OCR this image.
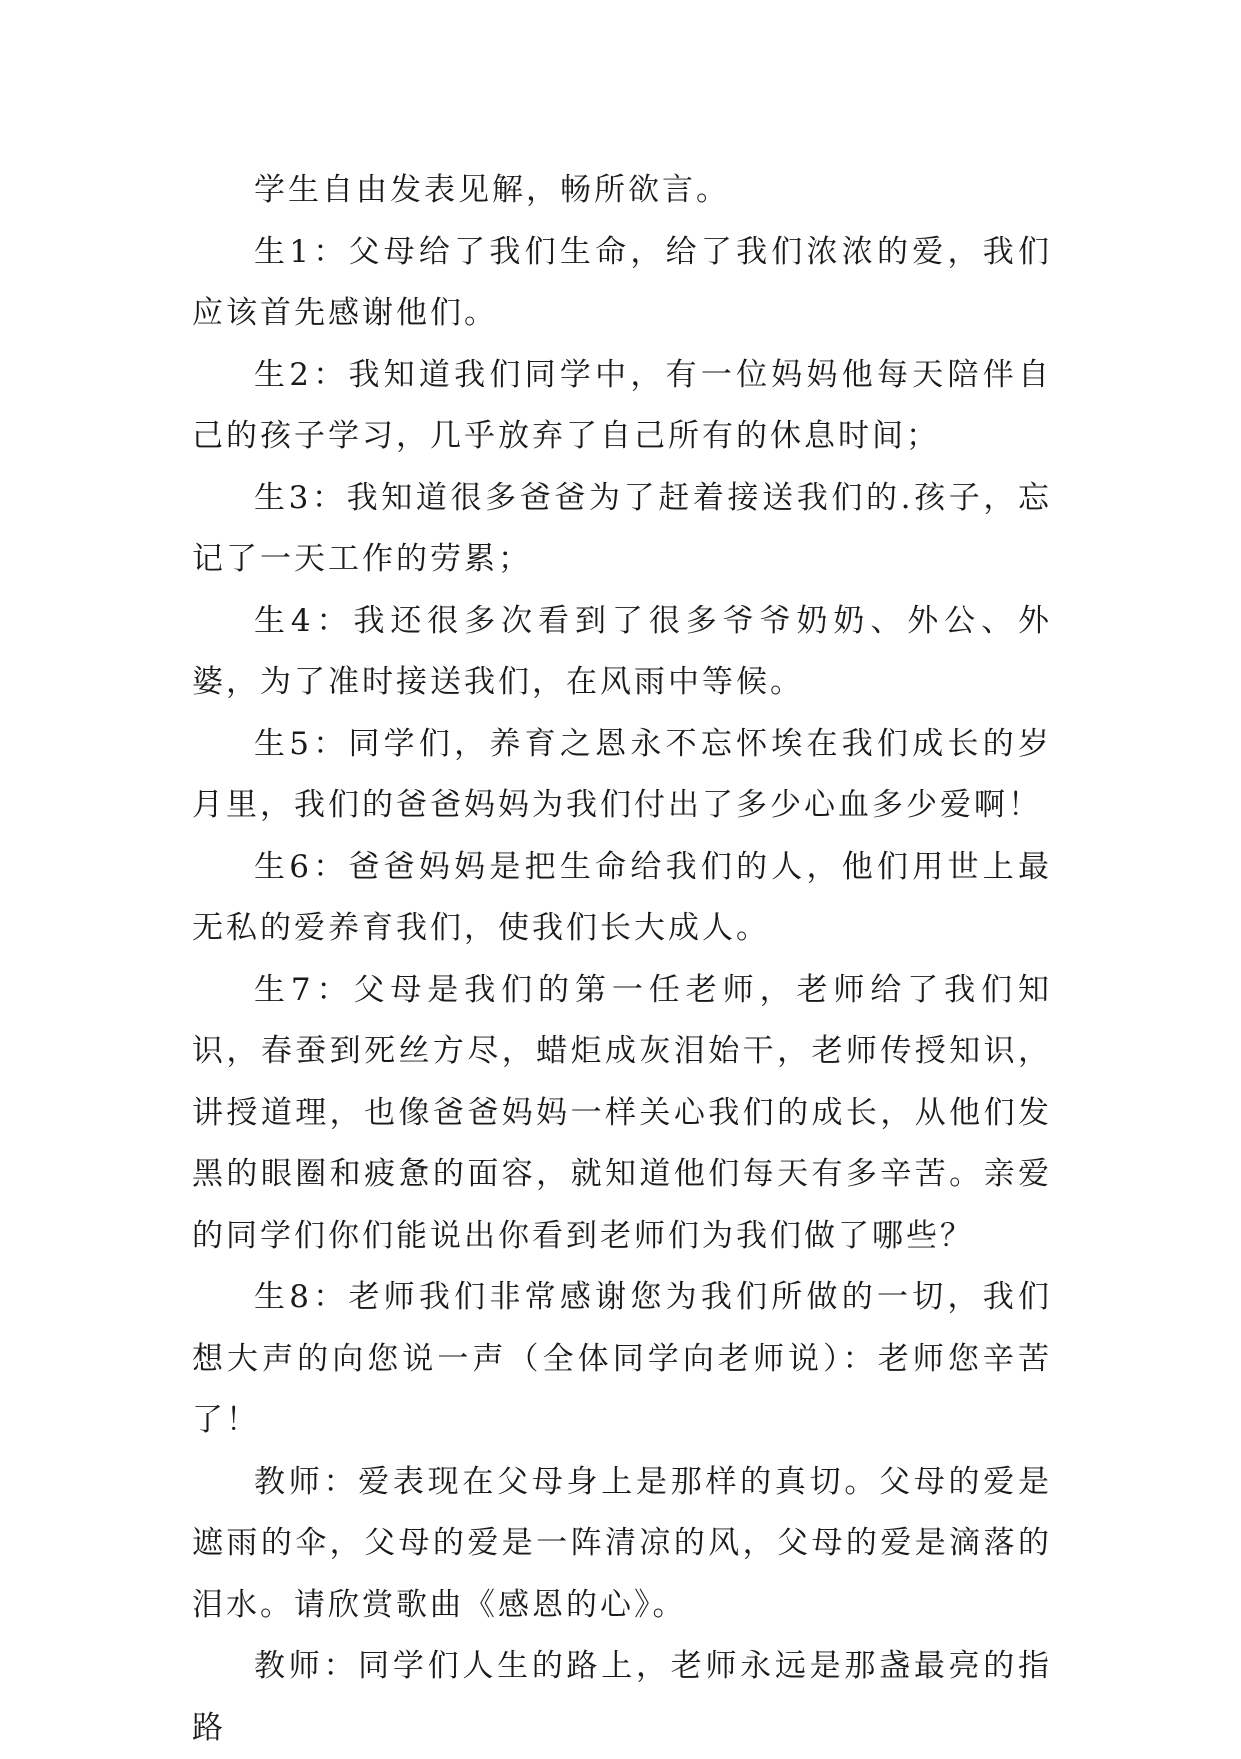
学生自由发表见解，畅所欲言。

生1：父母给了我们生命，给了我们浓浓的爱，我们应该首先感谢他们。

生2：我知道我们同学中，有一位妈妈他每天陪伴自己的孩子学习，几乎放弃了自己所有的休息时间；

生3：我知道很多爸爸为了赶着接送我们的.孩子，忘记了一天工作的劳累；

生4：我还很多次看到了很多爷爷奶奶、外公、外婆，为了准时接送我们，在风雨中等候。

生5：同学们，养育之恩永不忘怀埃在我们成长的岁月里，我们的爸爸妈妈为我们付出了多少心血多少爱啊！

生6：爸爸妈妈是把生命给我们的人，他们用世上最无私的爱养育我们，使我们长大成人。

生7：父母是我们的第一任老师，老师给了我们知识，春蚕到死丝方尽，蜡炬成灰泪始干，老师传授知识，讲授道理，也像爸爸妈妈一样关心我们的成长，从他们发黑的眼圈和疲惫的面容，就知道他们每天有多辛苦。亲爱的同学们你们能说出你看到老师们为我们做了哪些？

生8：老师我们非常感谢您为我们所做的一切，我们想大声的向您说一声（全体同学向老师说）：老师您辛苦了！

教师：爱表现在父母身上是那样的真切。父母的爱是遮雨的伞，父母的爱是一阵清凉的风，父母的爱是滴落的泪水。请欣赏歌曲《感恩的心》。

教师：同学们人生的路上，老师永远是那盏最亮的指路
